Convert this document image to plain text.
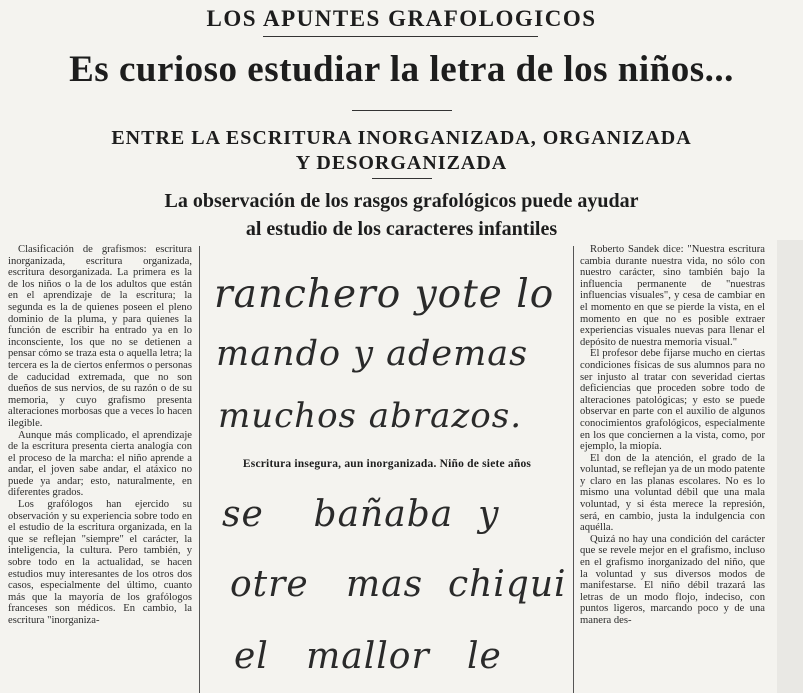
LOS APUNTES GRAFOLOGICOS
Es curioso estudiar la letra de los niños...
ENTRE LA ESCRITURA INORGANIZADA, ORGANIZADA
Y DESORGANIZADA
La observación de los rasgos grafológicos puede ayudar
al estudio de los caracteres infantiles

Clasificación de grafismos: escritura inorganizada, escritura organizada, escritura desorganizada. La primera es la de los niños o la de los adultos que están en el aprendizaje de la escritura; la segunda es la de quienes poseen el pleno dominio de la pluma, y para quienes la función de escribir ha entrado ya en lo inconsciente, los que no se detienen a pensar cómo se traza esta o aquella letra; la tercera es la de ciertos enfermos o personas de caducidad extremada, que no son dueños de sus nervios, de su razón o de su memoria, y cuyo grafismo presenta alteraciones morbosas que a veces lo hacen ilegible.

Aunque más complicado, el aprendizaje de la escritura presenta cierta analogía con el proceso de la marcha: el niño aprende a andar, el joven sabe andar, el atáxico no puede ya andar; esto, naturalmente, en diferentes grados.

Los grafólogos han ejercido su observación y su experiencia sobre todo en el estudio de la escritura organizada, en la que se reflejan "siempre" el carácter, la inteligencia, la cultura. Pero también, y sobre todo en la actualidad, se hacen estudios muy interesantes de los otros dos casos, especialmente del último, cuanto más que la mayoría de los grafólogos franceses son médicos. En cambio, la escritura "inorganiza-

ranchero yote lo
mando y ademas
muchos abrazos.
Escritura insegura, aun inorganizada. Niño de siete años
se    bañaba  y
otre   mas  chiqui
el   mallor   le

Roberto Sandek dice: "Nuestra escritura cambia durante nuestra vida, no sólo con nuestro carácter, sino también bajo la influencia permanente de "nuestras influencias visuales", y cesa de cambiar en el momento en que se pierde la vista, en el momento en que no es posible extraer experiencias visuales nuevas para llenar el depósito de nuestra memoria visual."

El profesor debe fijarse mucho en ciertas condiciones físicas de sus alumnos para no ser injusto al tratar con severidad ciertas deficiencias que proceden sobre todo de alteraciones patológicas; y esto se puede observar en parte con el auxilio de algunos conocimientos grafológicos, especialmente en los que conciernen a la vista, como, por ejemplo, la miopía.

El don de la atención, el grado de la voluntad, se reflejan ya de un modo patente y claro en las planas escolares. No es lo mismo una voluntad débil que una mala voluntad, y si ésta merece la represión, será, en cambio, justa la indulgencia con aquélla.

Quizá no hay una condición del carácter que se revele mejor en el grafismo, incluso en el grafismo inorganizado del niño, que la voluntad y sus diversos modos de manifestarse. El niño débil trazará las letras de un modo flojo, indeciso, con puntos ligeros, marcando poco y de una manera des-
